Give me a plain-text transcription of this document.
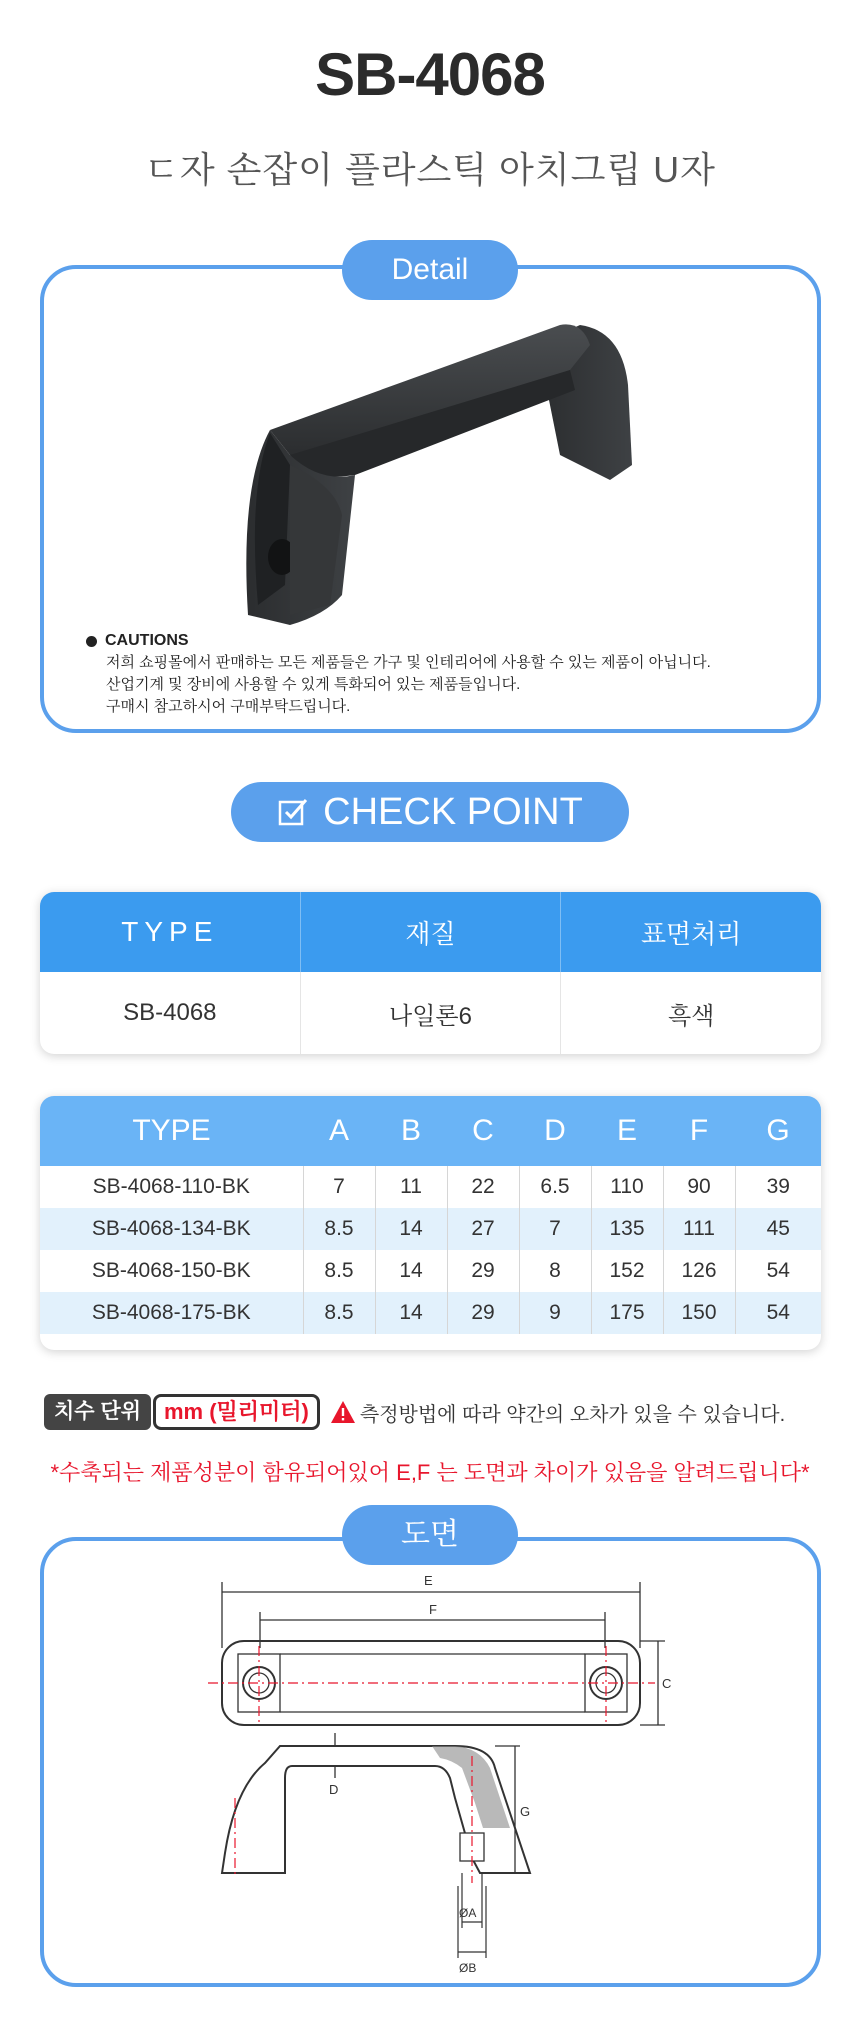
SB-4068
ㄷ자 손잡이 플라스틱 아치그립 U자
Detail
CAUTIONS
저희 쇼핑몰에서 판매하는 모든 제품들은 가구 및 인테리어에 사용할 수 있는 제품이 아닙니다.
산업기계 및 장비에 사용할 수 있게 특화되어 있는 제품들입니다.
구매시 참고하시어 구매부탁드립니다.
CHECK POINT
TYPE	재질	표면처리
SB-4068	나일론6	흑색
TYPE	A	B	C	D	E	F	G
SB-4068-110-BK	7	11	22	6.5	110	90	39
SB-4068-134-BK	8.5	14	27	7	135	111	45
SB-4068-150-BK	8.5	14	29	8	152	126	54
SB-4068-175-BK	8.5	14	29	9	175	150	54
치수 단위	mm (밀리미터)	측정방법에 따라 약간의 오차가 있을 수 있습니다.
*수축되는 제품성분이 함유되어있어 E,F 는 도면과 차이가 있음을 알려드립니다*
도면
E
F
C
D
G
ØA
ØB
